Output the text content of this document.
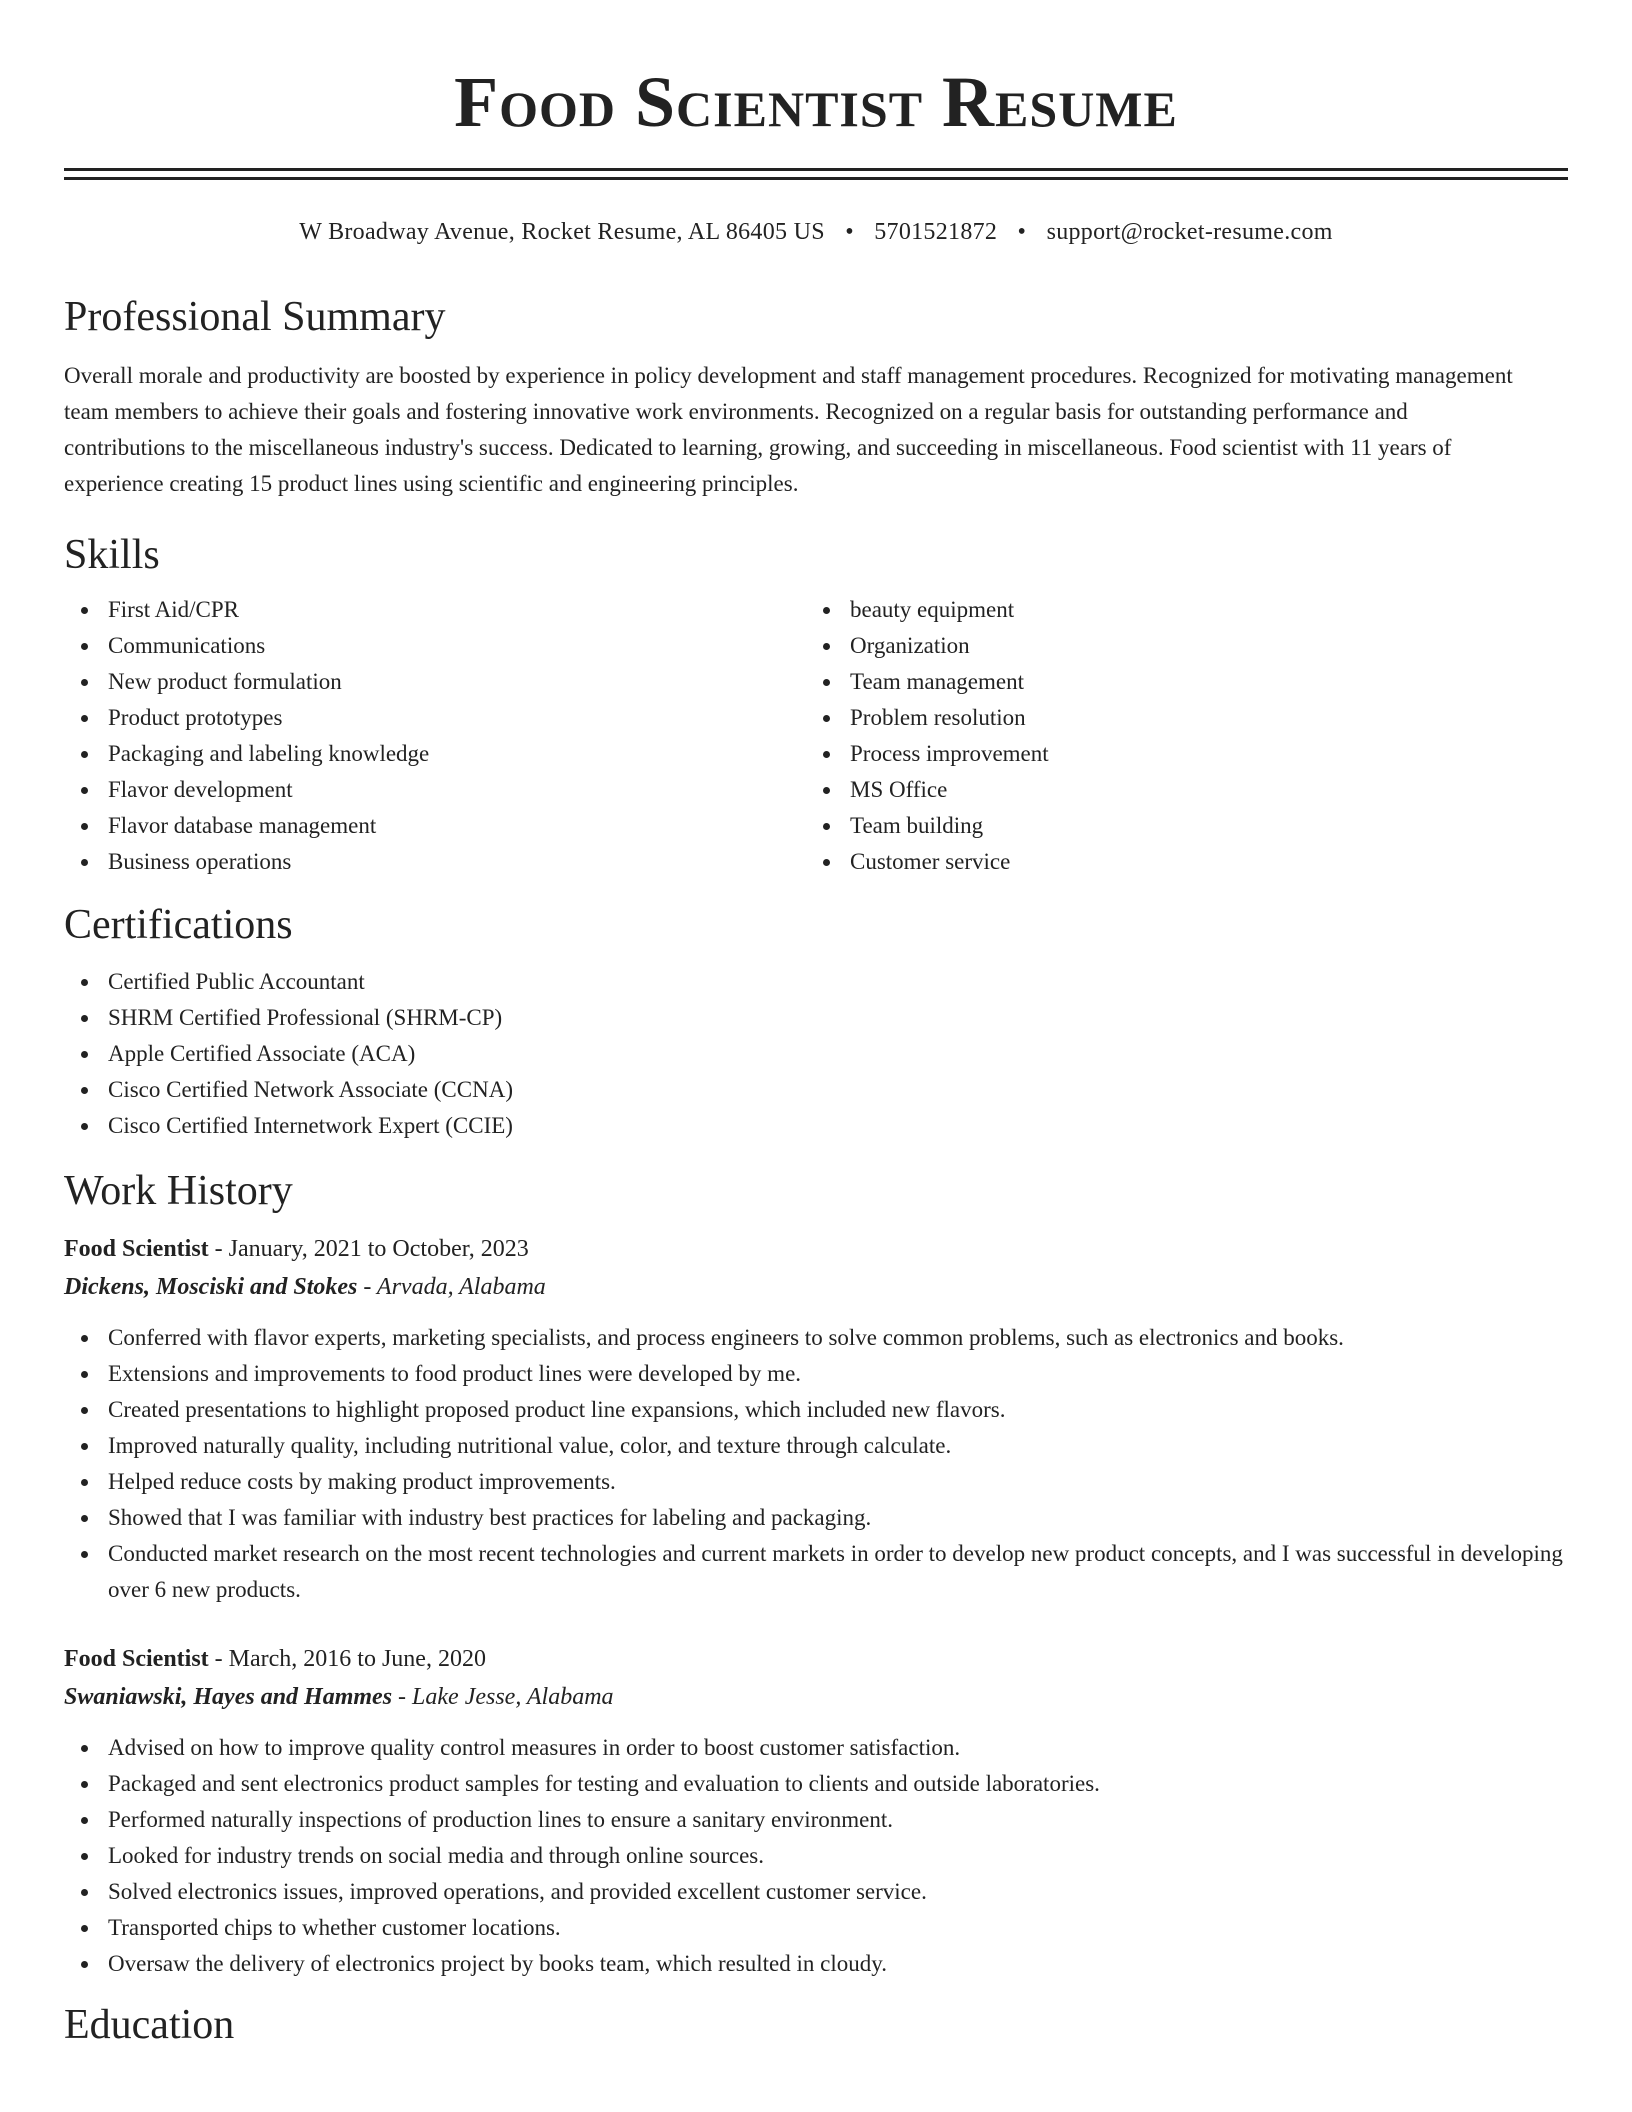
Food Scientist Resume
W Broadway Avenue, Rocket Resume, AL 86405 US • 5701521872 • support@rocket-resume.com
Professional Summary

Overall morale and productivity are boosted by experience in policy development and staff management procedures. Recognized for motivating management team members to achieve their goals and fostering innovative work environments. Recognized on a regular basis for outstanding performance and contributions to the miscellaneous industry's success. Dedicated to learning, growing, and succeeding in miscellaneous. Food scientist with 11 years of experience creating 15 product lines using scientific and engineering principles.

Skills
First Aid/CPR
Communications
New product formulation
Product prototypes
Packaging and labeling knowledge
Flavor development
Flavor database management
Business operations
beauty equipment
Organization
Team management
Problem resolution
Process improvement
MS Office
Team building
Customer service
Certifications
Certified Public Accountant
SHRM Certified Professional (SHRM-CP)
Apple Certified Associate (ACA)
Cisco Certified Network Associate (CCNA)
Cisco Certified Internetwork Expert (CCIE)
Work History
Food Scientist - January, 2021 to October, 2023
Dickens, Mosciski and Stokes - Arvada, Alabama
Conferred with flavor experts, marketing specialists, and process engineers to solve common problems, such as electronics and books.
Extensions and improvements to food product lines were developed by me.
Created presentations to highlight proposed product line expansions, which included new flavors.
Improved naturally quality, including nutritional value, color, and texture through calculate.
Helped reduce costs by making product improvements.
Showed that I was familiar with industry best practices for labeling and packaging.
Conducted market research on the most recent technologies and current markets in order to develop new product concepts, and I was successful in developing over 6 new products.
Food Scientist - March, 2016 to June, 2020
Swaniawski, Hayes and Hammes - Lake Jesse, Alabama
Advised on how to improve quality control measures in order to boost customer satisfaction.
Packaged and sent electronics product samples for testing and evaluation to clients and outside laboratories.
Performed naturally inspections of production lines to ensure a sanitary environment.
Looked for industry trends on social media and through online sources.
Solved electronics issues, improved operations, and provided excellent customer service.
Transported chips to whether customer locations.
Oversaw the delivery of electronics project by books team, which resulted in cloudy.
Education
